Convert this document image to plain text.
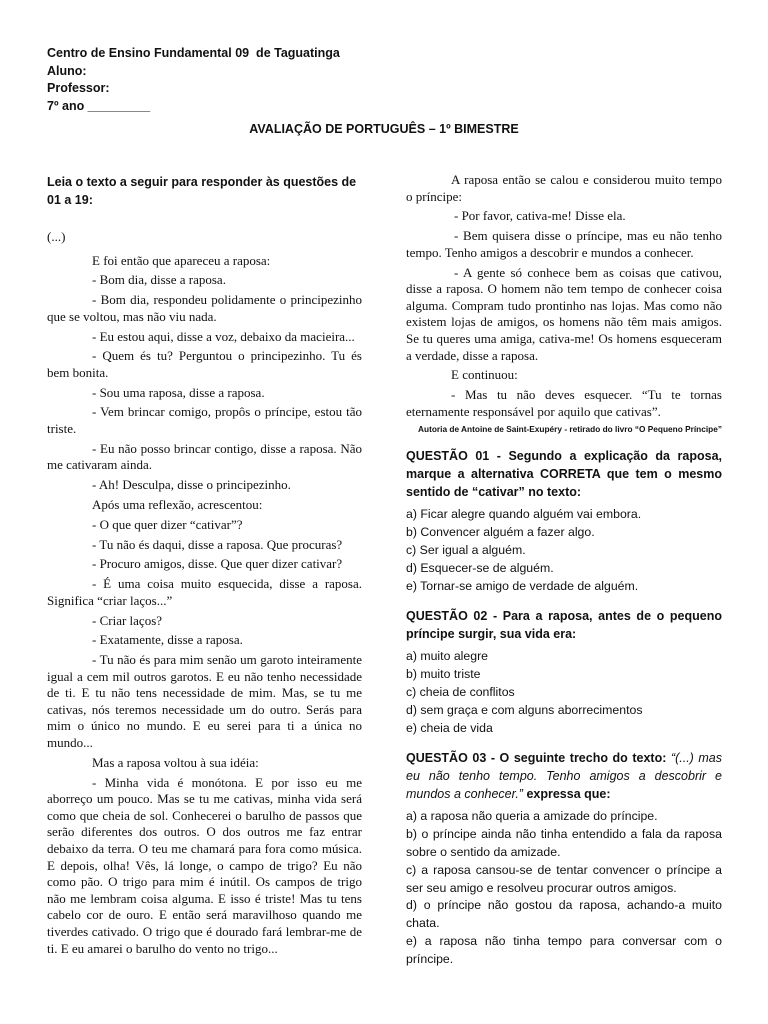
Centro de Ensino Fundamental 09  de Taguatinga
Aluno:
Professor:
7º ano _________
AVALIAÇÃO DE PORTUGUÊS – 1º BIMESTRE
Leia o texto a seguir para responder às questões de 01 a 19:

(...)

E foi então que apareceu a raposa:

- Bom dia, disse a raposa.

- Bom dia, respondeu polidamente o principezinho que se voltou, mas não viu nada.

- Eu estou aqui, disse a voz, debaixo da macieira...

- Quem és tu? Perguntou o principezinho. Tu és bem bonita.

- Sou uma raposa, disse a raposa.

- Vem brincar comigo, propôs o príncipe, estou tão triste.

- Eu não posso brincar contigo, disse a raposa. Não me cativaram ainda.

- Ah! Desculpa, disse o principezinho.

Após uma reflexão, acrescentou:

- O que quer dizer “cativar”?

- Tu não és daqui, disse a raposa. Que procuras?

- Procuro amigos, disse. Que quer dizer cativar?

- É uma coisa muito esquecida, disse a raposa. Significa “criar laços...”

- Criar laços?

- Exatamente, disse a raposa.

- Tu não és para mim senão um garoto inteiramente igual a cem mil outros garotos. E eu não tenho necessidade de ti. E tu não tens necessidade de mim. Mas, se tu me cativas, nós teremos necessidade um do outro. Serás para mim o único no mundo. E eu serei para ti a única no mundo...

Mas a raposa voltou à sua idéia:

- Minha vida é monótona. E por isso eu me aborreço um pouco. Mas se tu me cativas, minha vida será como que cheia de sol. Conhecerei o barulho de passos que serão diferentes dos outros. O dos outros me faz entrar debaixo da terra. O teu me chamará para fora como música. E depois, olha! Vês, lá longe, o campo de trigo? Eu não como pão. O trigo para mim é inútil. Os campos de trigo não me lembram coisa alguma. E isso é triste! Mas tu tens cabelo cor de ouro. E então será maravilhoso quando me tiverdes cativado. O trigo que é dourado fará lembrar-me de ti. E eu amarei o barulho do vento no trigo...

A raposa então se calou e considerou muito tempo o príncipe:

- Por favor, cativa-me! Disse ela.

- Bem quisera disse o príncipe, mas eu não tenho tempo. Tenho amigos a descobrir e mundos a conhecer.

- A gente só conhece bem as coisas que cativou, disse a raposa. O homem não tem tempo de conhecer coisa alguma. Compram tudo prontinho nas lojas. Mas como não existem lojas de amigos, os homens não têm mais amigos. Se tu queres uma amiga, cativa-me! Os homens esqueceram a verdade, disse a raposa.

E continuou:

- Mas tu não deves esquecer. “Tu te tornas eternamente responsável por aquilo que cativas”.

Autoria de Antoine de Saint-Exupéry - retirado do livro “O Pequeno Príncipe”
QUESTÃO 01 - Segundo a explicação da raposa, marque a alternativa CORRETA que tem o mesmo sentido de “cativar” no texto:
a) Ficar alegre quando alguém vai embora.
b) Convencer alguém a fazer algo.
c) Ser igual a alguém.
d) Esquecer-se de alguém.
e) Tornar-se amigo de verdade de alguém.
QUESTÃO 02 - Para a raposa, antes de o pequeno príncipe surgir, sua vida era:
a) muito alegre
b) muito triste
c) cheia de conflitos
d) sem graça e com alguns aborrecimentos
e) cheia de vida
QUESTÃO 03 - O seguinte trecho do texto: “(...) mas eu não tenho tempo. Tenho amigos a descobrir e mundos a conhecer.” expressa que:
a) a raposa não queria a amizade do príncipe.
b) o príncipe ainda não tinha entendido a fala da raposa sobre o sentido da amizade.
c) a raposa cansou-se de tentar convencer o príncipe a ser seu amigo e resolveu procurar outros amigos.
d) o príncipe não gostou da raposa, achando-a muito chata.
e) a raposa não tinha tempo para conversar com o príncipe.
